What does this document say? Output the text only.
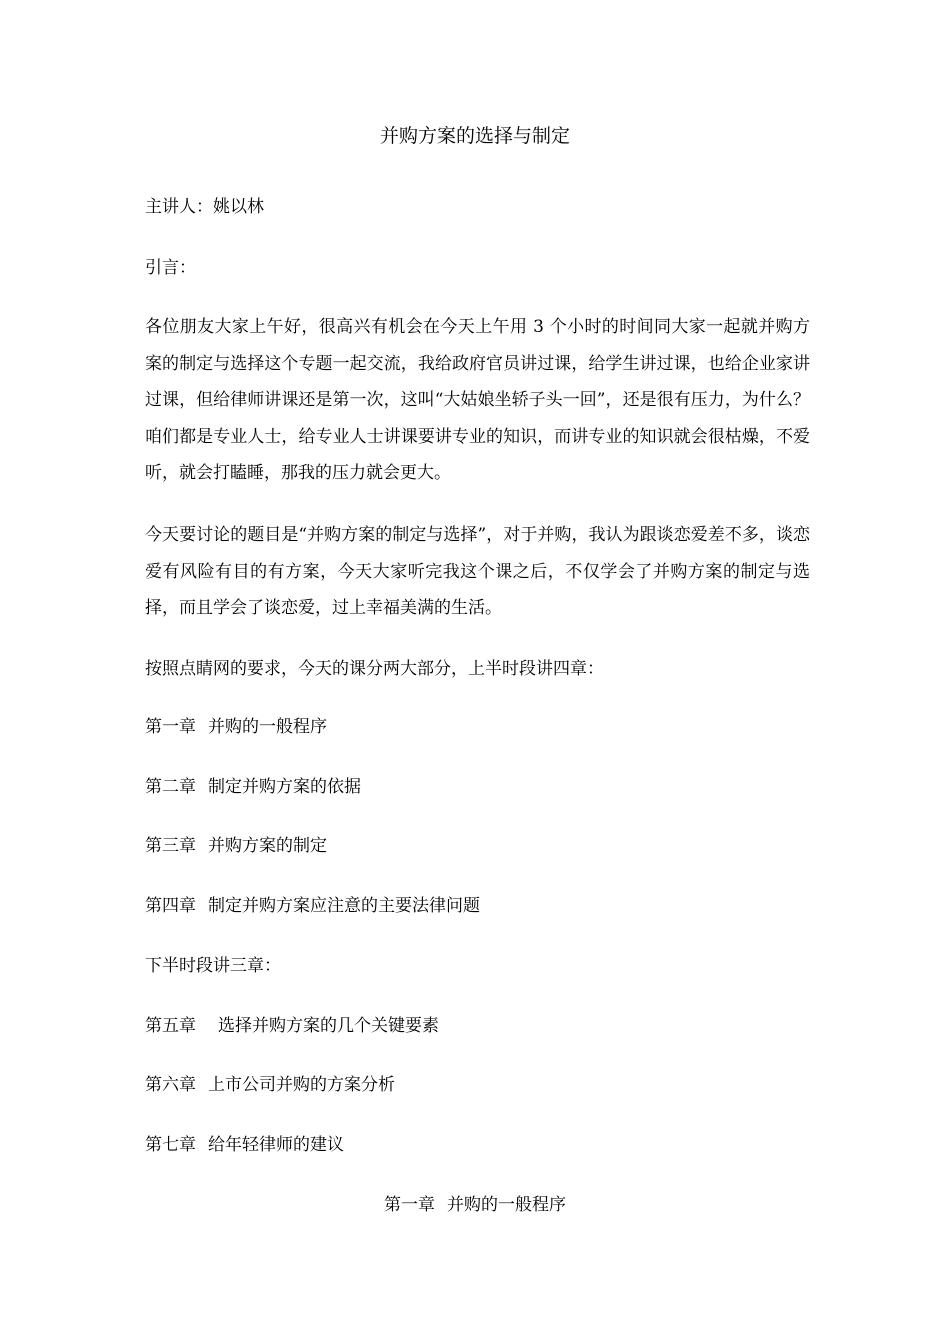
并购方案的选择与制定

主讲人：姚以林

引言：

各位朋友大家上午好，很高兴有机会在今天上午用 3 个小时的时间同大家一起就并购方案的制定与选择这个专题一起交流，我给政府官员讲过课，给学生讲过课，也给企业家讲过课，但给律师讲课还是第一次，这叫“大姑娘坐轿子头一回”，还是很有压力，为什么？咱们都是专业人士，给专业人士讲课要讲专业的知识，而讲专业的知识就会很枯燥，不爱听，就会打瞌睡，那我的压力就会更大。

今天要讨论的题目是“并购方案的制定与选择”，对于并购，我认为跟谈恋爱差不多，谈恋爱有风险有目的有方案，今天大家听完我这个课之后，不仅学会了并购方案的制定与选择，而且学会了谈恋爱，过上幸福美满的生活。

按照点睛网的要求，今天的课分两大部分，上半时段讲四章：

第一章 并购的一般程序

第二章 制定并购方案的依据

第三章 并购方案的制定

第四章 制定并购方案应注意的主要法律问题

下半时段讲三章：

第五章 选择并购方案的几个关键要素

第六章 上市公司并购的方案分析

第七章 给年轻律师的建议

第一章 并购的一般程序
